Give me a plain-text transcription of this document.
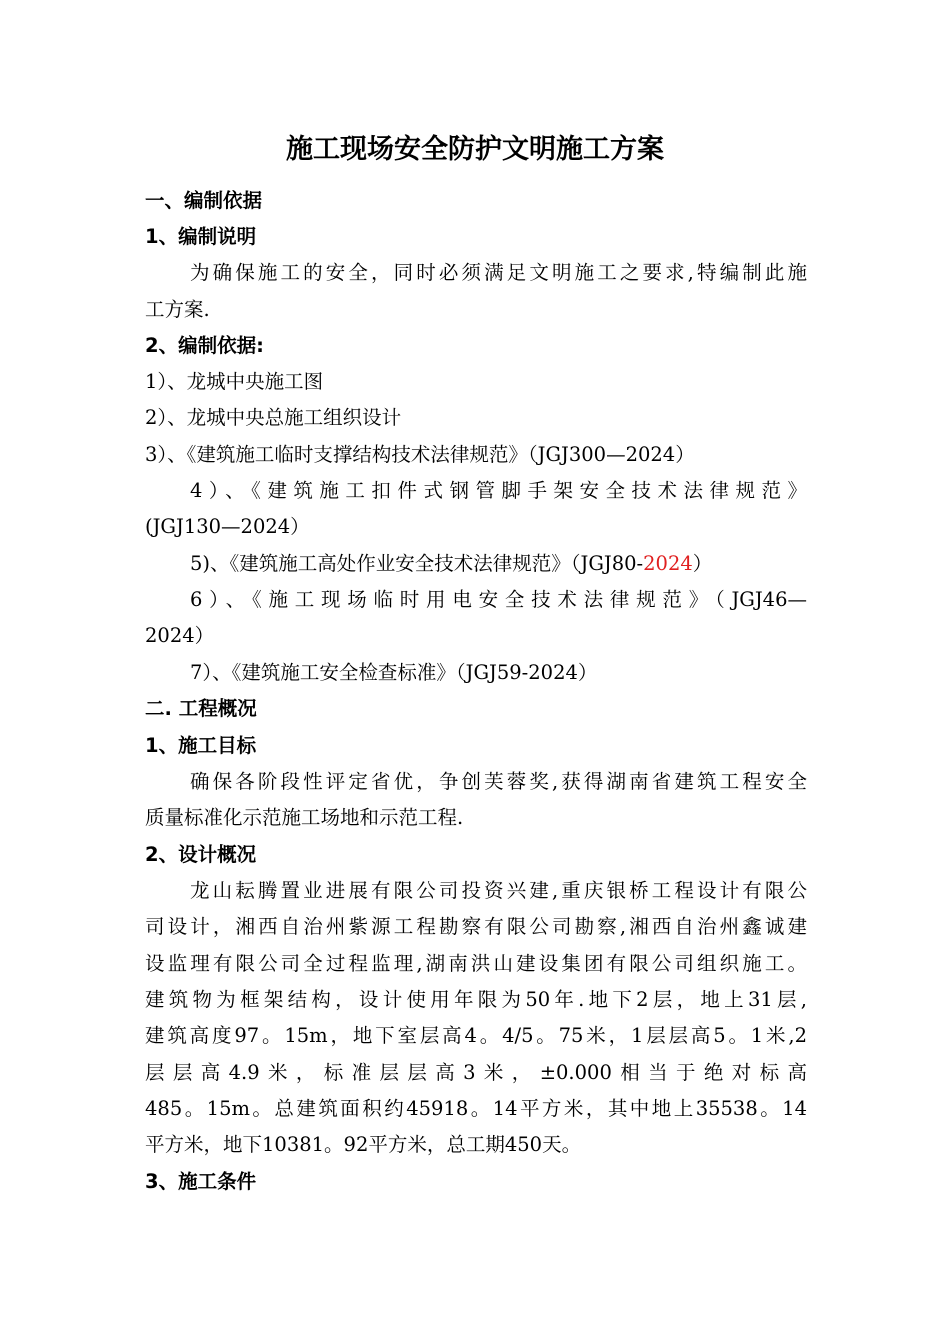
施工现场安全防护文明施工方案
一、编制依据
1、编制说明
为确保施工的安全，同时必须满足文明施工之要求,特编制此施
工方案.
2、编制依据:
1）、龙城中央施工图
2）、龙城中央总施工组织设计
3）、《建筑施工临时支撑结构技术法律规范》（JGJ300—2024）
4）、《建筑施工扣件式钢管脚手架安全技术法律规范》
(JGJ130—2024）
5)、《建筑施工高处作业安全技术法律规范》（JGJ80-2024）
6）、《施工现场临时用电安全技术法律规范》（JGJ46—
2024）
7）、《建筑施工安全检查标准》（JGJ59-2024）
二. 工程概况
1、施工目标
确保各阶段性评定省优，争创芙蓉奖,获得湖南省建筑工程安全
质量标准化示范施工场地和示范工程.
2、设计概况
龙山耘腾置业进展有限公司投资兴建,重庆银桥工程设计有限公
司设计，湘西自治州紫源工程勘察有限公司勘察,湘西自治州鑫诚建
设监理有限公司全过程监理,湖南洪山建设集团有限公司组织施工。
建筑物为框架结构，设计使用年限为50年.地下2层，地上31层,
建筑高度97。15m，地下室层高4。4/5。75米，1层层高5。1米,2
层层高4.9米，标准层层高3米，±0.000相当于绝对标高
485。15m。总建筑面积约45918。14平方米，其中地上35538。14
平方米，地下10381。92平方米，总工期450天。
3、施工条件
